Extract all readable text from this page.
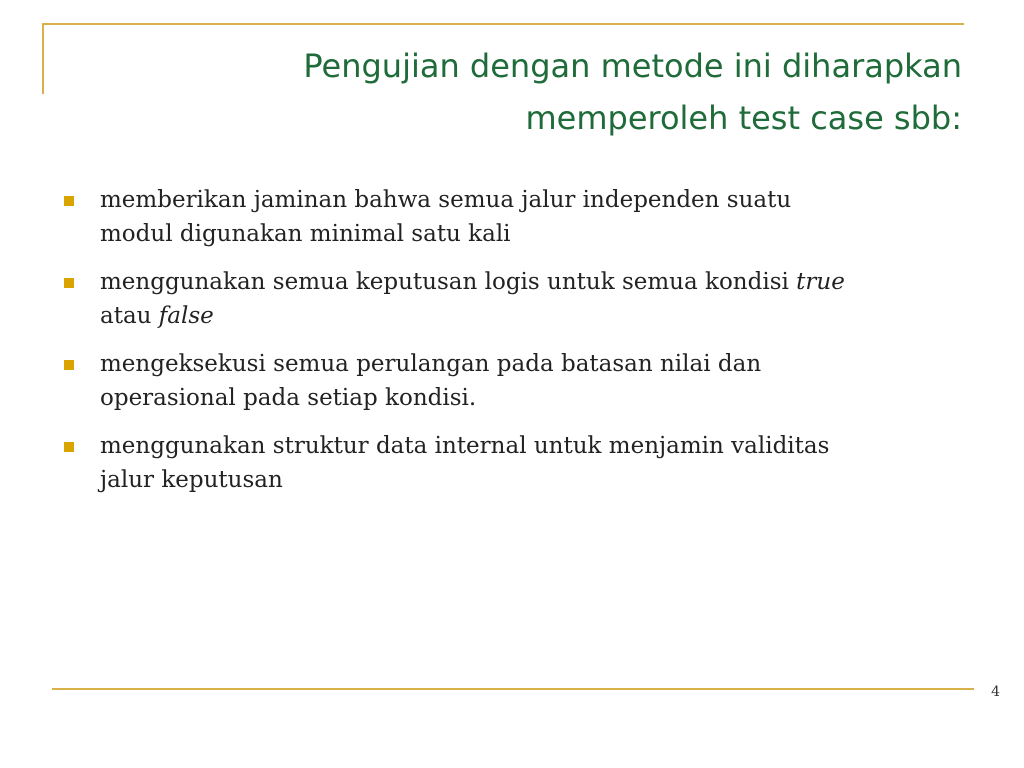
Pengujian dengan metode ini diharapkan
memperoleh test case sbb:
memberikan jaminan bahwa semua jalur independen suatu
modul digunakan minimal satu kali
menggunakan semua keputusan logis untuk semua kondisi true
atau false
mengeksekusi semua perulangan pada batasan nilai dan
operasional pada setiap kondisi.
menggunakan struktur data internal untuk menjamin validitas
jalur keputusan
4
